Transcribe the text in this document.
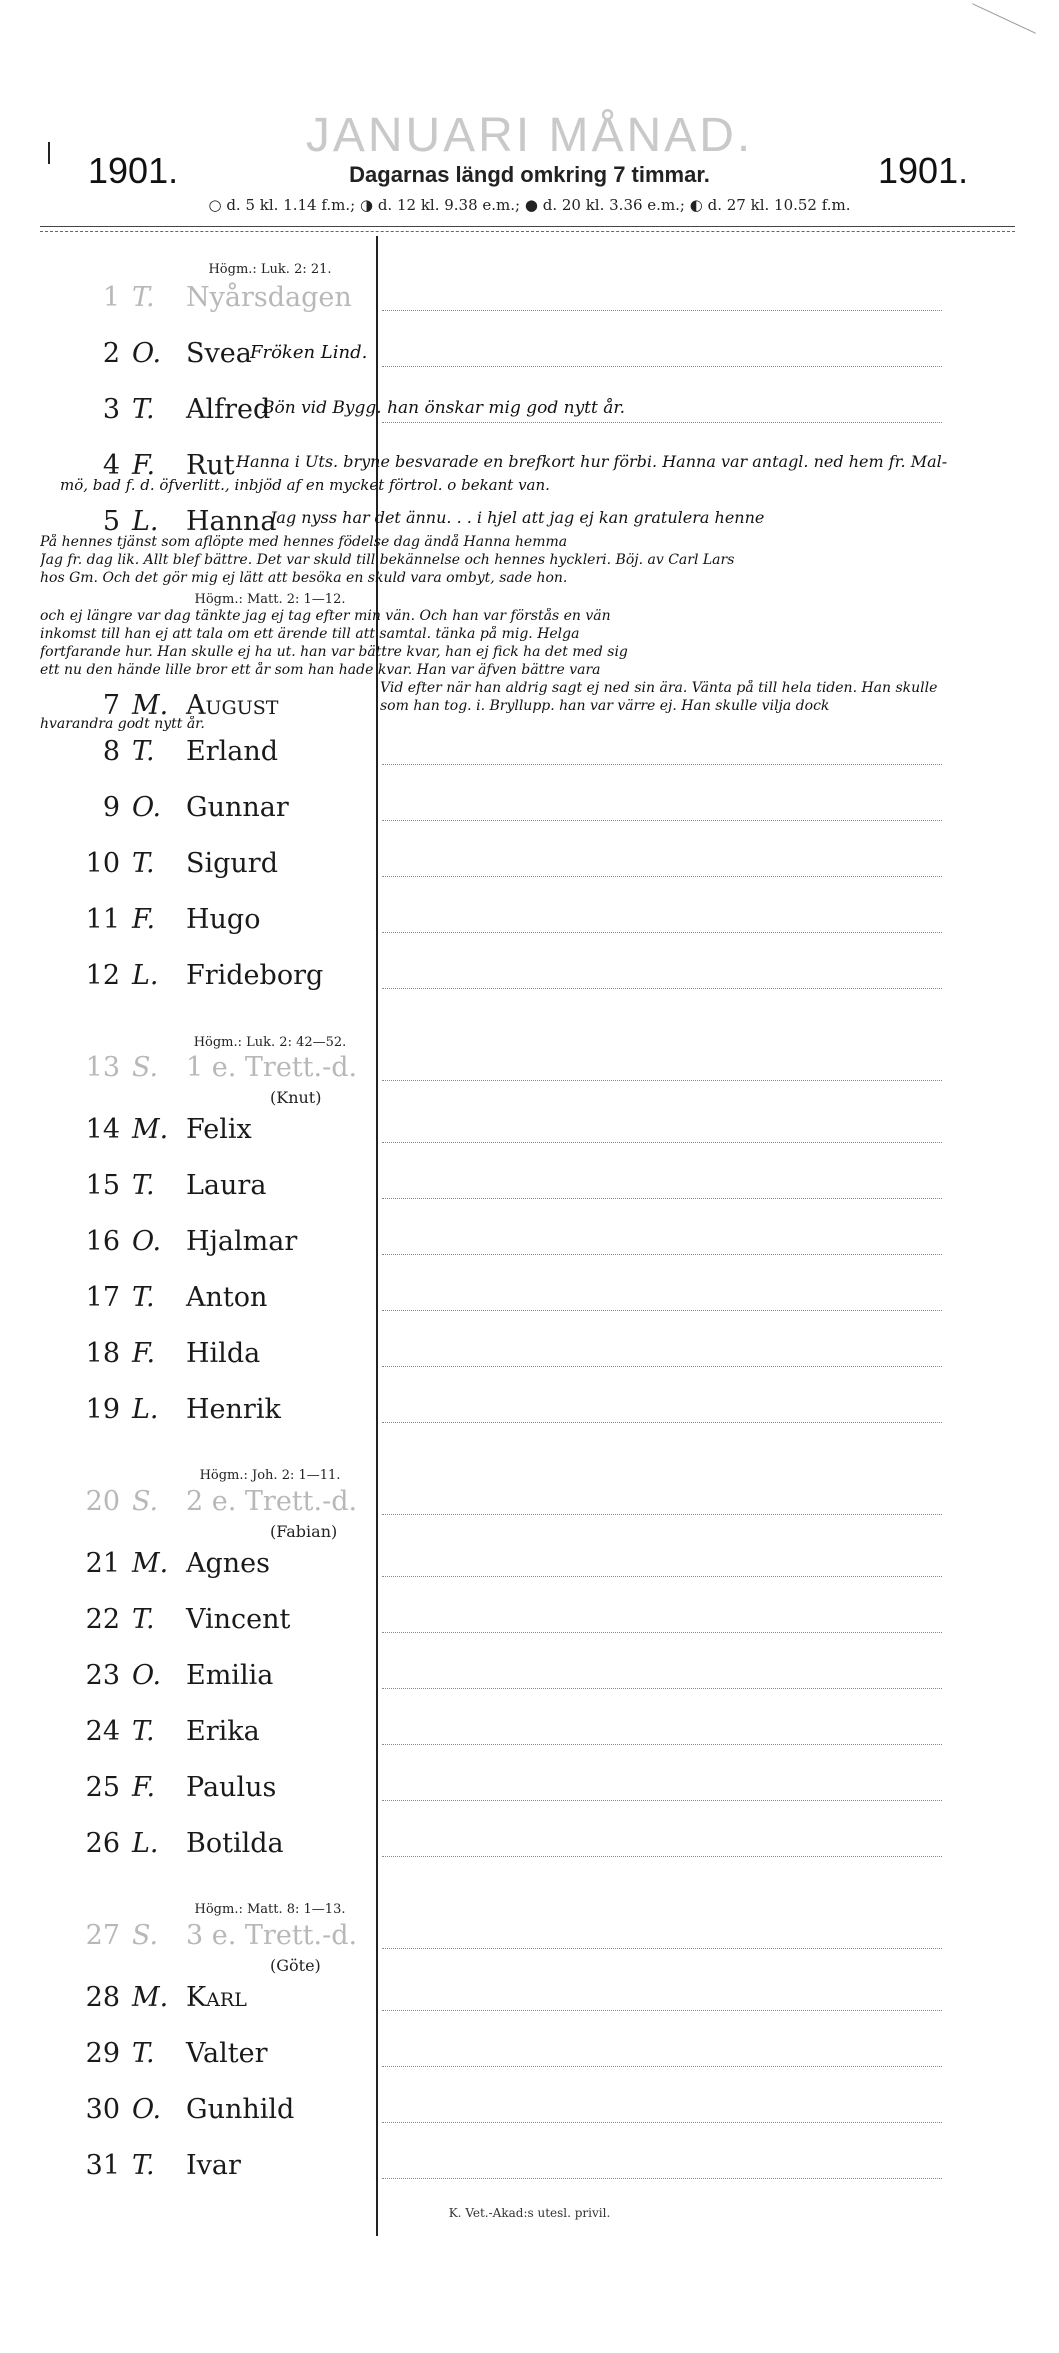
JANUARI MÅNAD.
1901.	1901.
Dagarnas längd omkring 7 timmar.
○ d. 5 kl. 1.14 f.m.; ◑ d. 12 kl. 9.38 e.m.; ● d. 20 kl. 3.36 e.m.; ◐ d. 27 kl. 10.52 f.m.
Högm.: Luk. 2: 21.
Högm.: Matt. 2: 1—12.
Högm.: Luk. 2: 42—52.
Högm.: Joh. 2: 1—11.
Högm.: Matt. 8: 1—13.
1 T. Nyårsdagen
2 O. Svea
3 T. Alfred
4 F. Rut
5 L. Hanna
7 M. August
8 T. Erland
9 O. Gunnar
10 T. Sigurd
11 F. Hugo
12 L. Frideborg
13 S. 1 e. Trett.-d.
(Knut)
14 M. Felix
15 T. Laura
16 O. Hjalmar
17 T. Anton
18 F. Hilda
19 L. Henrik
20 S. 2 e. Trett.-d.
(Fabian)
21 M. Agnes
22 T. Vincent
23 O. Emilia
24 T. Erika
25 F. Paulus
26 L. Botilda
27 S. 3 e. Trett.-d.
(Göte)
28 M. Karl
29 T. Valter
30 O. Gunhild
31 T. Ivar
Fröken Lind.
Bön vid Bygg. han önskar mig god nytt år.
Hanna i Uts. bryne besvarade en brefkort hur förbi. Hanna var antagl. ned hem fr. Mal-
mö, bad f. d. öfverlitt., inbjöd af en mycket förtrol. o bekant van.
Jag nyss har det ännu. . . i hjel att jag ej kan gratulera henne
På hennes tjänst som aflöpte med hennes födelse dag ändå Hanna hemma
Jag fr. dag lik. Allt blef bättre. Det var skuld till bekännelse och hennes hyckleri. Böj. av Carl Lars
hos Gm. Och det gör mig ej lätt att besöka en skuld vara ombyt, sade hon.
och ej längre var dag tänkte jag ej tag efter min vän. Och han var förstås en vän
inkomst till han ej att tala om ett ärende till att samtal. tänka på mig. Helga
fortfarande hur. Han skulle ej ha ut. han var bättre kvar, han ej fick ha det med sig
ett nu den hände lille bror ett år som han hade kvar. Han var äfven bättre vara
Vid efter när han aldrig sagt ej ned sin ära. Vänta på till hela tiden. Han skulle
som han tog. i. Bryllupp. han var värre ej. Han skulle vilja dock
hvarandra godt nytt år.
K. Vet.-Akad:s utesl. privil.
